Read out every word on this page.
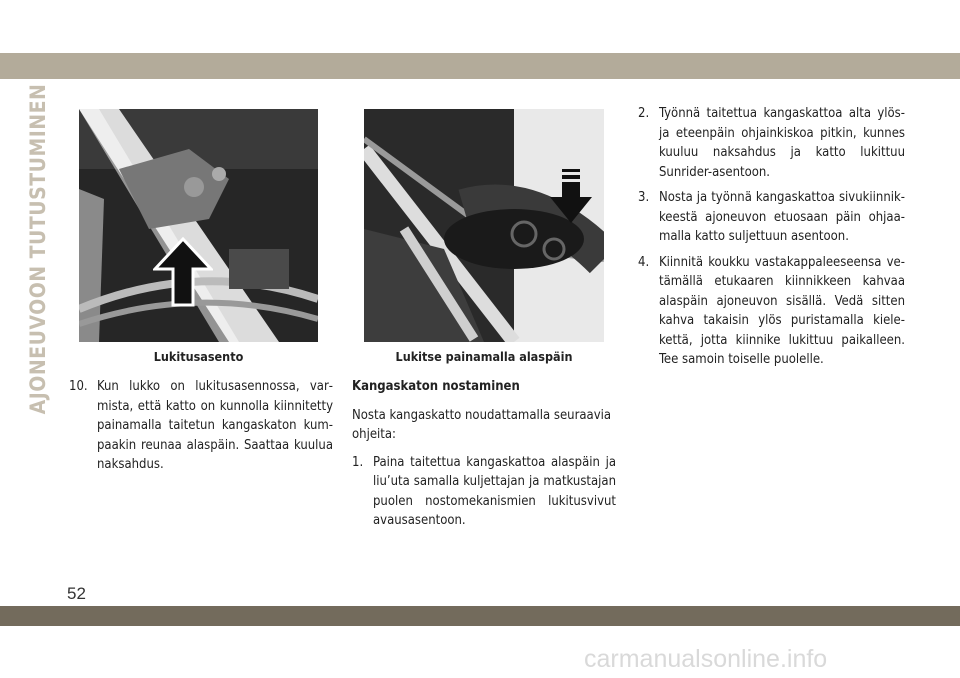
AJONEUVOON TUTUSTUMINEN	Lukitusasento	Lukitse painamalla alaspäin
10. Kun lukko on lukitusasennossa, varmista, että katto on kunnolla kiinnitetty painamalla taitetun kangaskaton kumpaakin reunaa alaspäin. Saattaa kuulua naksahdus.
Kangaskaton nostaminen

Nosta kangaskatto noudattamalla seuraavia ohjeita:

1. Paina taitettua kangaskattoa alaspäin ja liu’uta samalla kuljettajan ja matkustajan puolen nostomekanismien lukitusvivut avausasentoon.
2. Työnnä taitettua kangaskattoa alta ylös- ja eteenpäin ohjainkiskoa pitkin, kunnes kuuluu naksahdus ja katto lukittuu Sunrider-asentoon.
3. Nosta ja työnnä kangaskattoa sivukiinnikkeestä ajoneuvon etuosaan päin ohjaamalla katto suljettuun asentoon.
4. Kiinnitä koukku vastakappaleeseensa vetämällä etukaaren kiinnikkeen kahvaa alaspäin ajoneuvon sisällä. Vedä sitten kahva takaisin ylös puristamalla kielekettä, jotta kiinnike lukittuu paikalleen. Tee samoin toiselle puolelle.
52
carmanualsonline.info
